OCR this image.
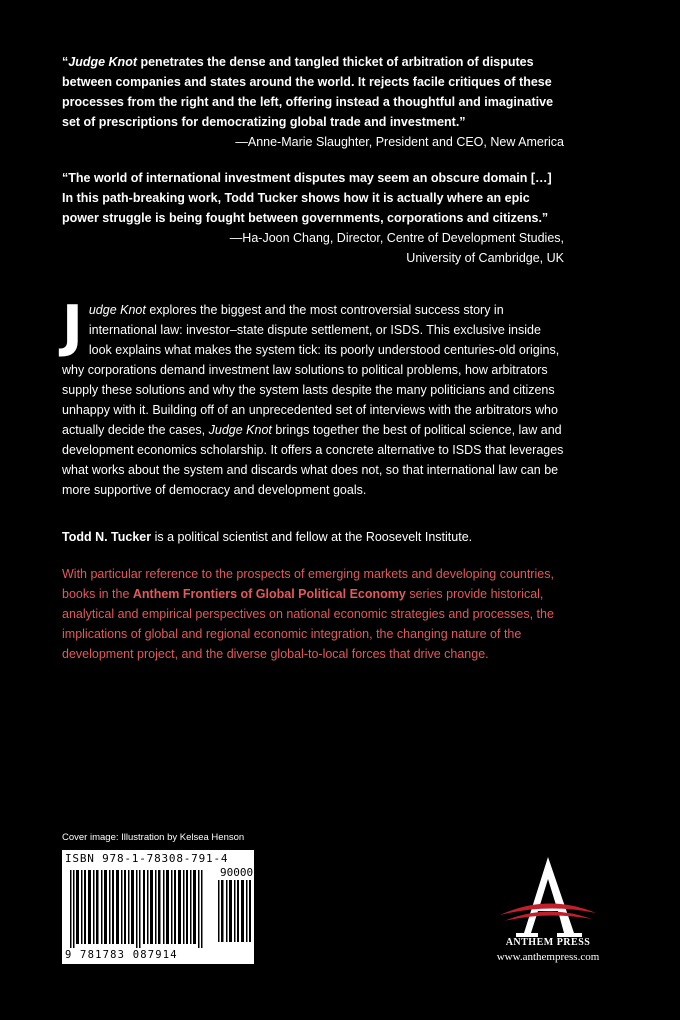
“Judge Knot penetrates the dense and tangled thicket of arbitration of disputes between companies and states around the world. It rejects facile critiques of these processes from the right and the left, offering instead a thoughtful and imaginative set of prescriptions for democratizing global trade and investment.”
—Anne-Marie Slaughter, President and CEO, New America
“The world of international investment disputes may seem an obscure domain […] In this path-breaking work, Todd Tucker shows how it is actually where an epic power struggle is being fought between governments, corporations and citizens.”
—Ha-Joon Chang, Director, Centre of Development Studies,
University of Cambridge, UK
Judge Knot explores the biggest and the most controversial success story in international law: investor–state dispute settlement, or ISDS. This exclusive inside look explains what makes the system tick: its poorly understood centuries-old origins, why corporations demand investment law solutions to political problems, how arbitrators supply these solutions and why the system lasts despite the many politicians and citizens unhappy with it. Building off of an unprecedented set of interviews with the arbitrators who actually decide the cases, Judge Knot brings together the best of political science, law and development economics scholarship. It offers a concrete alternative to ISDS that leverages what works about the system and discards what does not, so that international law can be more supportive of democracy and development goals.
Todd N. Tucker is a political scientist and fellow at the Roosevelt Institute.
With particular reference to the prospects of emerging markets and developing countries, books in the Anthem Frontiers of Global Political Economy series provide historical, analytical and empirical perspectives on national economic strategies and processes, the implications of global and regional economic integration, the changing nature of the development project, and the diverse global-to-local forces that drive change.
Cover image: Illustration by Kelsea Henson
ISBN 978-1-78308-791-4
90000
9 781783 087914
ANTHEM PRESS
www.anthempress.com
